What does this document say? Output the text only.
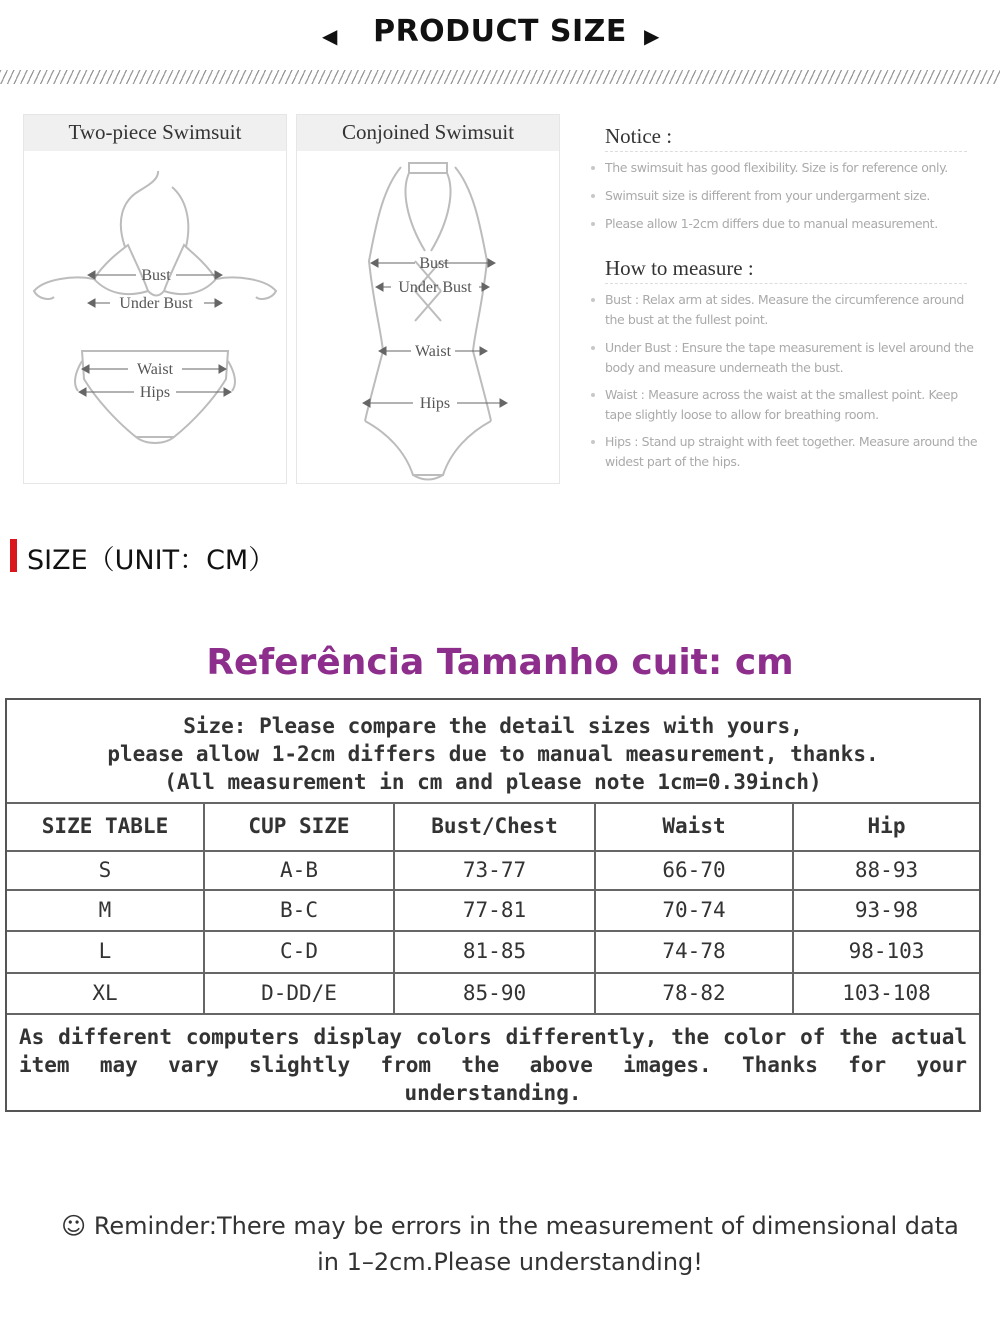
◀	PRODUCT SIZE ▶
Two-piece Swimsuit
Bust
Under Bust
Waist
Hips
Conjoined Swimsuit
Bust
Under Bust
Waist
Hips
Notice :
The swimsuit has good flexibility. Size is for reference only.
Swimsuit size is different from your undergarment size.
Please allow 1-2cm differs due to manual measurement.
How to measure :
Bust : Relax arm at sides. Measure the circumference around the bust at the fullest point.
Under Bust : Ensure the tape measurement is level around the body and measure underneath the bust.
Waist : Measure across the waist at the smallest point. Keep tape slightly loose to allow for breathing room.
Hips : Stand up straight with feet together. Measure around the widest part of the hips.
SIZE（UNIT：CM）
Referência Tamanho cuit: cm
Size: Please compare the detail sizes with yours,
please allow 1-2cm differs due to manual measurement, thanks.
(All measurement in cm and please note 1cm=0.39inch)
SIZE TABLE	CUP SIZE	Bust/Chest	Waist	Hip
S	A-B	73-77	66-70	88-93
M	B-C	77-81	70-74	93-98
L	C-D	81-85	74-78	98-103
XL	D-DD/E	85-90	78-82	103-108
As different computers display colors differently, the color of the actual item may vary slightly from the above images. Thanks for your understanding.
☺ Reminder:There may be errors in the measurement of dimensional data in 1–2cm.Please understanding!
